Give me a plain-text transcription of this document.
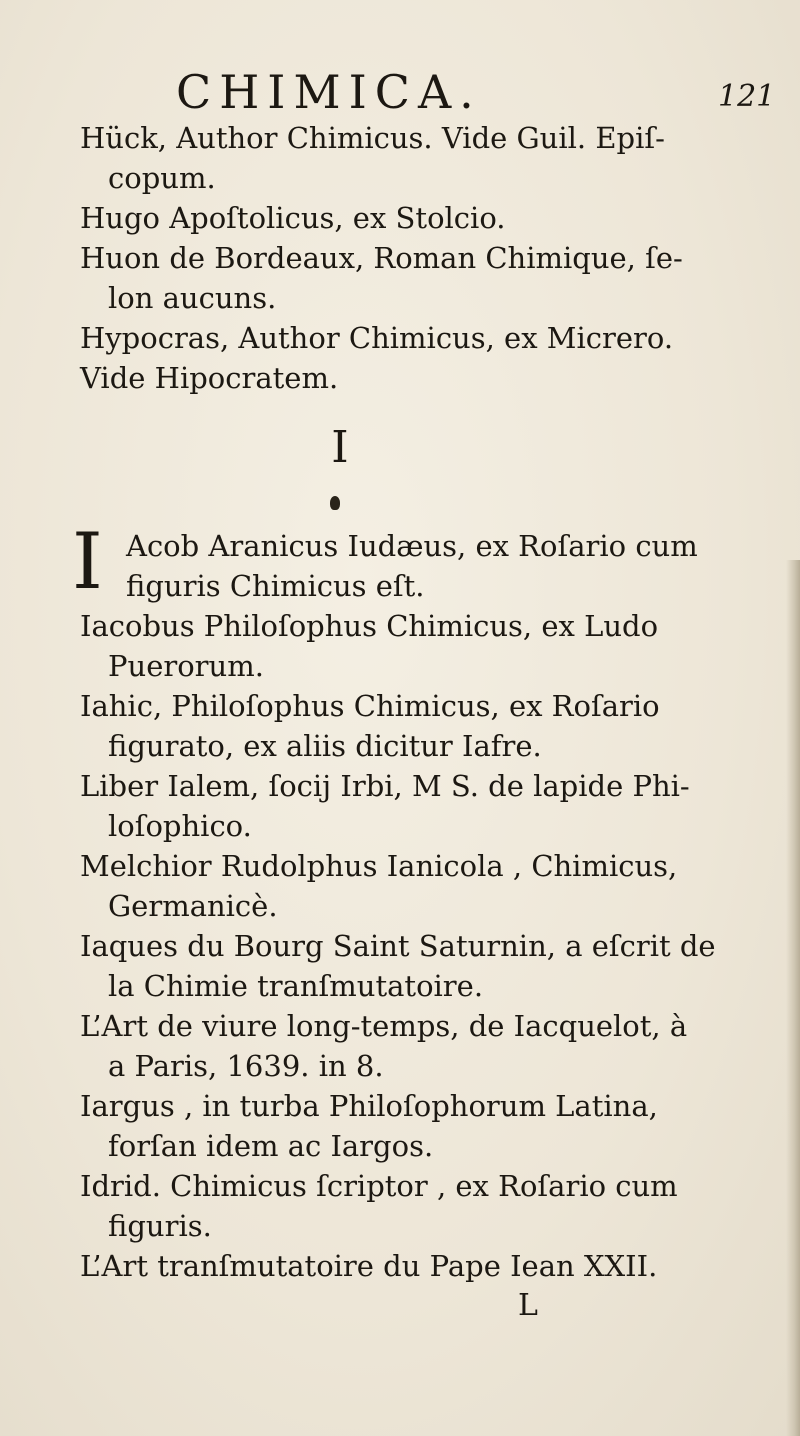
CHIMICA.	121
Hück, Author Chimicus. Vide Guil. Epiſ-
copum.
Hugo Apoſtolicus, ex Stolcio.
Huon de Bordeaux, Roman Chimique, ſe-
lon aucuns.
Hypocras, Author Chimicus, ex Micrero.
Vide Hipocratem.
I
I Acob Aranicus Iudæus, ex Roſario cum
figuris Chimicus eſt.
Iacobus Philoſophus Chimicus, ex Ludo
Puerorum.
Iahic, Philoſophus Chimicus, ex Roſario
figurato, ex aliis dicitur Iafre.
Liber Ialem, ſocij Irbi, M S. de lapide Phi-
loſophico.
Melchior Rudolphus Ianicola , Chimicus,
Germanicè.
Iaques du Bourg Saint Saturnin, a eſcrit de
la Chimie tranſmutatoire.
L’Art de viure long-temps, de Iacquelot, à
a Paris, 1639. in 8.
Iargus , in turba Philoſophorum Latina,
forſan idem ac Iargos.
Idrid. Chimicus ſcriptor , ex Roſario cum
figuris.
L’Art tranſmutatoire du Pape Iean XXII.
L
